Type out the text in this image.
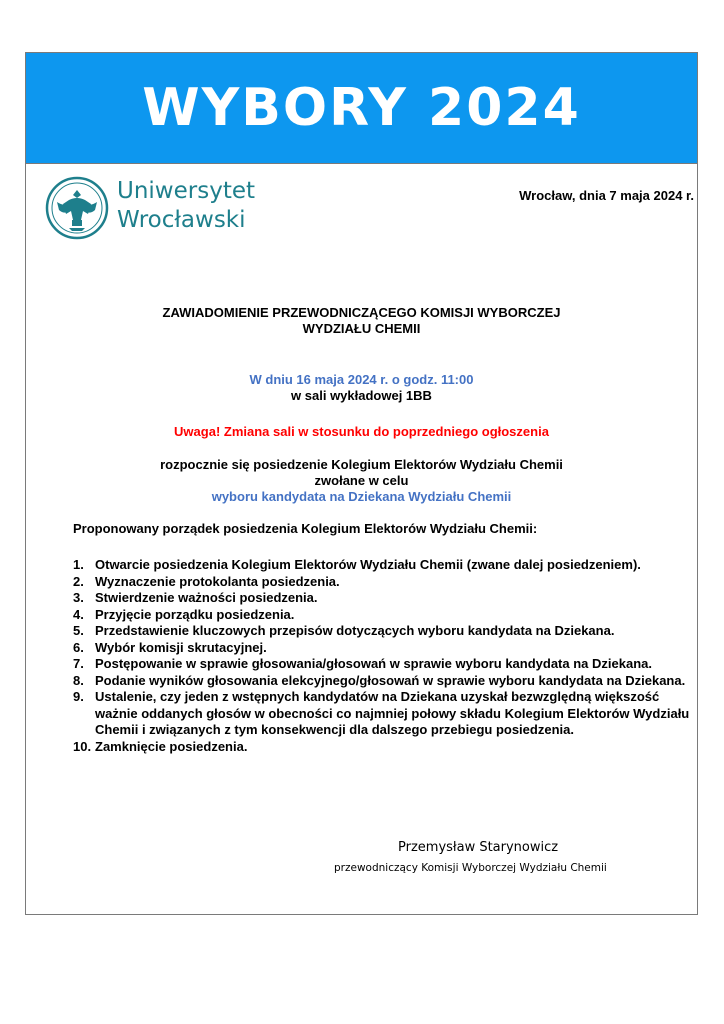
WYBORY 2024
Uniwersytet
Wrocławski
Wrocław, dnia 7 maja 2024 r.
ZAWIADOMIENIE PRZEWODNICZĄCEGO KOMISJI WYBORCZEJ
WYDZIAŁU CHEMII
W dniu 16 maja 2024 r. o godz. 11:00
w sali wykładowej 1BB
Uwaga! Zmiana sali w stosunku do poprzedniego ogłoszenia
rozpocznie się posiedzenie Kolegium Elektorów Wydziału Chemii
zwołane w celu
wyboru kandydata na Dziekana Wydziału Chemii
Proponowany porządek posiedzenia Kolegium Elektorów Wydziału Chemii:
1. Otwarcie posiedzenia Kolegium Elektorów Wydziału Chemii (zwane dalej posiedzeniem).
2. Wyznaczenie protokolanta posiedzenia.
3. Stwierdzenie ważności posiedzenia.
4. Przyjęcie porządku posiedzenia.
5. Przedstawienie kluczowych przepisów dotyczących wyboru kandydata na Dziekana.
6. Wybór komisji skrutacyjnej.
7. Postępowanie w sprawie głosowania/głosowań w sprawie wyboru kandydata na Dziekana.
8. Podanie wyników głosowania elekcyjnego/głosowań w sprawie wyboru kandydata na Dziekana.
9. Ustalenie, czy jeden z wstępnych kandydatów na Dziekana uzyskał bezwzględną większość ważnie oddanych głosów w obecności co najmniej połowy składu Kolegium Elektorów Wydziału Chemii i związanych z tym konsekwencji dla dalszego przebiegu posiedzenia.
10. Zamknięcie posiedzenia.
Przemysław Starynowicz
przewodniczący Komisji Wyborczej Wydziału Chemii
